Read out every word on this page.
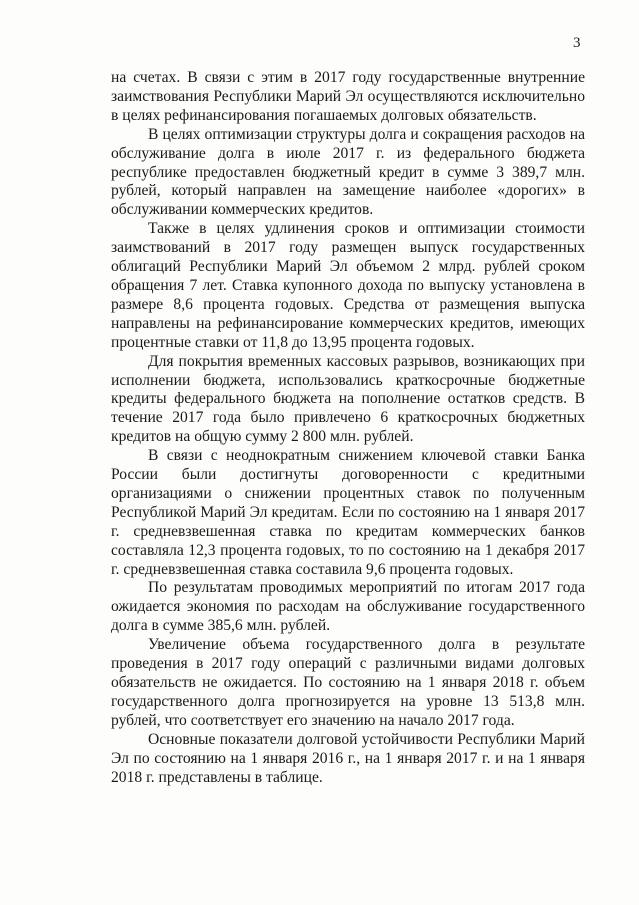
3

на счетах. В связи с этим в 2017 году государственные внутренние заимствования Республики Марий Эл осуществляются исключительно в целях рефинансирования погашаемых долговых обязательств.

В целях оптимизации структуры долга и сокращения расходов на обслуживание долга в июле 2017 г. из федерального бюджета республике предоставлен бюджетный кредит в сумме 3 389,7 млн. рублей, который направлен на замещение наиболее «дорогих» в обслуживании коммерческих кредитов.

Также в целях удлинения сроков и оптимизации стоимости заимствований в 2017 году размещен выпуск государственных облигаций Республики Марий Эл объемом 2 млрд. рублей сроком обращения 7 лет. Ставка купонного дохода по выпуску установлена в размере 8,6 процента годовых. Средства от размещения выпуска направлены на рефинансирование коммерческих кредитов, имеющих процентные ставки от 11,8 до 13,95 процента годовых.

Для покрытия временных кассовых разрывов, возникающих при исполнении бюджета, использовались краткосрочные бюджетные кредиты федерального бюджета на пополнение остатков средств. В течение 2017 года было привлечено 6 краткосрочных бюджетных кредитов на общую сумму 2 800 млн. рублей.

В связи с неоднократным снижением ключевой ставки Банка России были достигнуты договоренности с кредитными организациями о снижении процентных ставок по полученным Республикой Марий Эл кредитам. Если по состоянию на 1 января 2017 г. средневзвешенная ставка по кредитам коммерческих банков составляла 12,3 процента годовых, то по состоянию на 1 декабря 2017 г. средневзвешенная ставка составила 9,6 процента годовых.

По результатам проводимых мероприятий по итогам 2017 года ожидается экономия по расходам на обслуживание государственного долга в сумме 385,6 млн. рублей.

Увеличение объема государственного долга в результате проведения в 2017 году операций с различными видами долговых обязательств не ожидается. По состоянию на 1 января 2018 г. объем государственного долга прогнозируется на уровне 13 513,8 млн. рублей, что соответствует его значению на начало 2017 года.

Основные показатели долговой устойчивости Республики Марий Эл по состоянию на 1 января 2016 г., на 1 января 2017 г. и на 1 января 2018 г. представлены в таблице.
